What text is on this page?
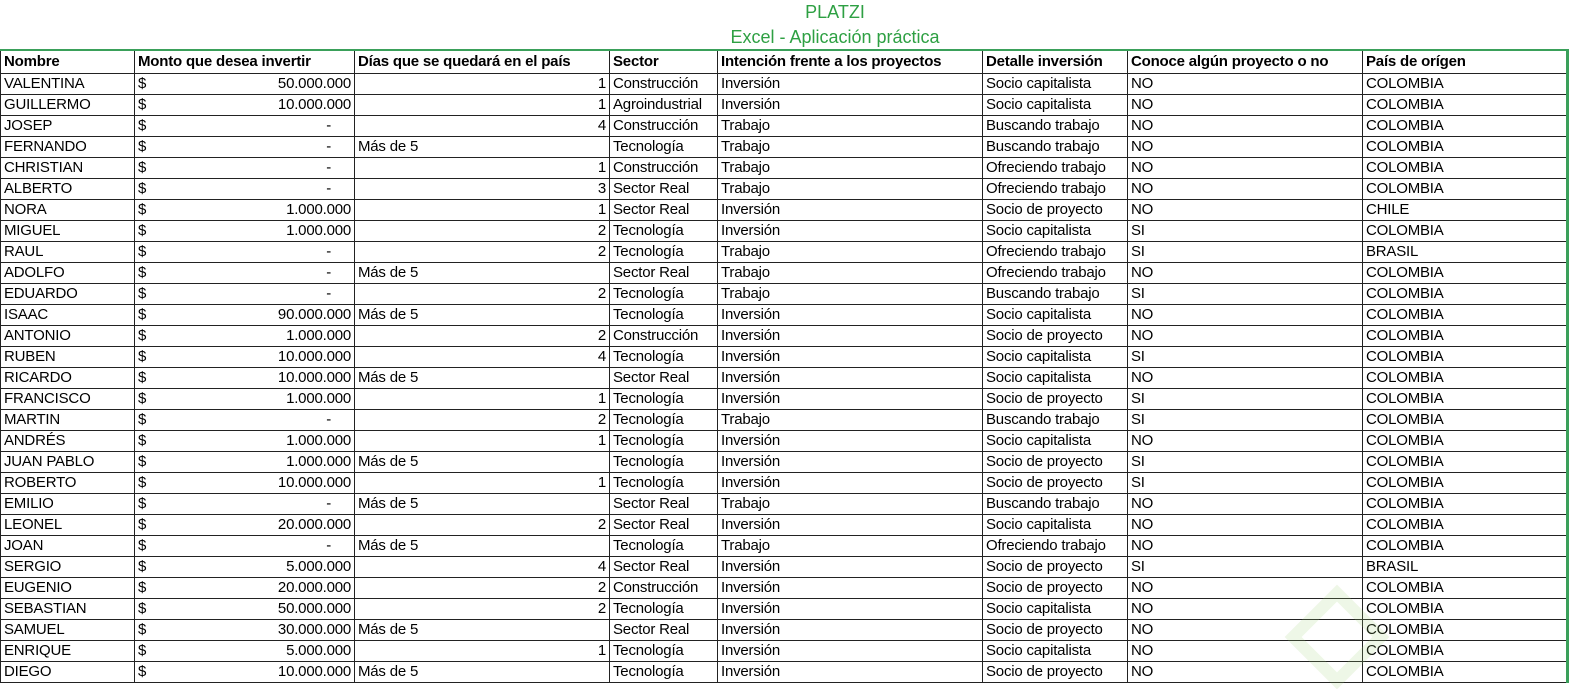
PLATZI
Excel - Aplicación práctica
Nombre	Monto que desea invertir	Días que se quedará en el país	Sector	Intención frente a los proyectos	Detalle inversión	Conoce algún proyecto o no	País de orígen
VALENTINA	$ 50.000.000	1	Construcción	Inversión	Socio capitalista	NO	COLOMBIA
GUILLERMO	$ 10.000.000	1	Agroindustrial	Inversión	Socio capitalista	NO	COLOMBIA
JOSEP	$ -	4	Construcción	Trabajo	Buscando trabajo	NO	COLOMBIA
FERNANDO	$ -	Más de 5	Tecnología	Trabajo	Buscando trabajo	NO	COLOMBIA
CHRISTIAN	$ -	1	Construcción	Trabajo	Ofreciendo trabajo	NO	COLOMBIA
ALBERTO	$ -	3	Sector Real	Trabajo	Ofreciendo trabajo	NO	COLOMBIA
NORA	$ 1.000.000	1	Sector Real	Inversión	Socio de proyecto	NO	CHILE
MIGUEL	$ 1.000.000	2	Tecnología	Inversión	Socio capitalista	SI	COLOMBIA
RAUL	$ -	2	Tecnología	Trabajo	Ofreciendo trabajo	SI	BRASIL
ADOLFO	$ -	Más de 5	Sector Real	Trabajo	Ofreciendo trabajo	NO	COLOMBIA
EDUARDO	$ -	2	Tecnología	Trabajo	Buscando trabajo	SI	COLOMBIA
ISAAC	$ 90.000.000	Más de 5	Tecnología	Inversión	Socio capitalista	NO	COLOMBIA
ANTONIO	$ 1.000.000	2	Construcción	Inversión	Socio de proyecto	NO	COLOMBIA
RUBEN	$ 10.000.000	4	Tecnología	Inversión	Socio capitalista	SI	COLOMBIA
RICARDO	$ 10.000.000	Más de 5	Sector Real	Inversión	Socio capitalista	NO	COLOMBIA
FRANCISCO	$ 1.000.000	1	Tecnología	Inversión	Socio de proyecto	SI	COLOMBIA
MARTIN	$ -	2	Tecnología	Trabajo	Buscando trabajo	SI	COLOMBIA
ANDRÉS	$ 1.000.000	1	Tecnología	Inversión	Socio capitalista	NO	COLOMBIA
JUAN PABLO	$ 1.000.000	Más de 5	Tecnología	Inversión	Socio de proyecto	SI	COLOMBIA
ROBERTO	$ 10.000.000	1	Tecnología	Inversión	Socio de proyecto	SI	COLOMBIA
EMILIO	$ -	Más de 5	Sector Real	Trabajo	Buscando trabajo	NO	COLOMBIA
LEONEL	$ 20.000.000	2	Sector Real	Inversión	Socio capitalista	NO	COLOMBIA
JOAN	$ -	Más de 5	Tecnología	Trabajo	Ofreciendo trabajo	NO	COLOMBIA
SERGIO	$ 5.000.000	4	Sector Real	Inversión	Socio de proyecto	SI	BRASIL
EUGENIO	$ 20.000.000	2	Construcción	Inversión	Socio de proyecto	NO	COLOMBIA
SEBASTIAN	$ 50.000.000	2	Tecnología	Inversión	Socio capitalista	NO	COLOMBIA
SAMUEL	$ 30.000.000	Más de 5	Sector Real	Inversión	Socio de proyecto	NO	COLOMBIA
ENRIQUE	$ 5.000.000	1	Tecnología	Inversión	Socio capitalista	NO	COLOMBIA
DIEGO	$ 10.000.000	Más de 5	Tecnología	Inversión	Socio de proyecto	NO	COLOMBIA
